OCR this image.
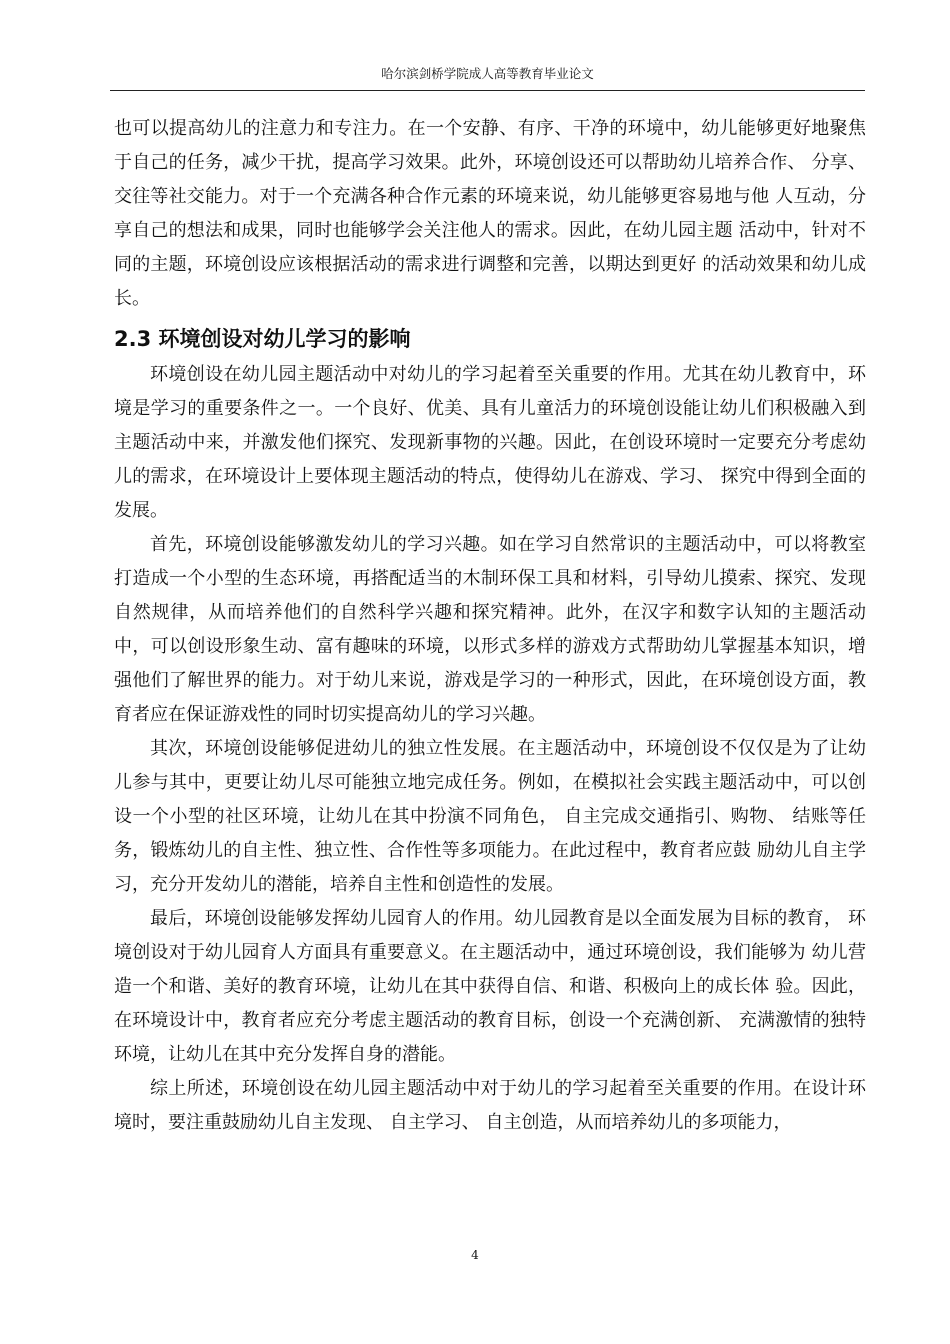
哈尔滨剑桥学院成人高等教育毕业论文

也可以提高幼儿的注意力和专注力。在一个安静、有序、干净的环境中，幼儿能够更好地聚焦于自己的任务，减少干扰，提高学习效果。此外，环境创设还可以帮助幼儿培养合作、 分享、交往等社交能力。对于一个充满各种合作元素的环境来说，幼儿能够更容易地与他 人互动，分享自己的想法和成果，同时也能够学会关注他人的需求。因此，在幼儿园主题 活动中，针对不同的主题，环境创设应该根据活动的需求进行调整和完善，以期达到更好 的活动效果和幼儿成长。

2.3 环境创设对幼儿学习的影响

环境创设在幼儿园主题活动中对幼儿的学习起着至关重要的作用。尤其在幼儿教育中，环境是学习的重要条件之一。一个良好、优美、具有儿童活力的环境创设能让幼儿们积极融入到主题活动中来，并激发他们探究、发现新事物的兴趣。因此，在创设环境时一定要充分考虑幼儿的需求，在环境设计上要体现主题活动的特点，使得幼儿在游戏、学习、 探究中得到全面的发展。

首先，环境创设能够激发幼儿的学习兴趣。如在学习自然常识的主题活动中，可以将教室打造成一个小型的生态环境，再搭配适当的木制环保工具和材料，引导幼儿摸索、探究、发现自然规律，从而培养他们的自然科学兴趣和探究精神。此外，在汉字和数字认知的主题活动中，可以创设形象生动、富有趣味的环境，以形式多样的游戏方式帮助幼儿掌握基本知识，增强他们了解世界的能力。对于幼儿来说，游戏是学习的一种形式，因此，在环境创设方面，教育者应在保证游戏性的同时切实提高幼儿的学习兴趣。

其次，环境创设能够促进幼儿的独立性发展。在主题活动中，环境创设不仅仅是为了让幼儿参与其中，更要让幼儿尽可能独立地完成任务。例如，在模拟社会实践主题活动中，可以创设一个小型的社区环境，让幼儿在其中扮演不同角色， 自主完成交通指引、购物、 结账等任务，锻炼幼儿的自主性、独立性、合作性等多项能力。在此过程中，教育者应鼓 励幼儿自主学习，充分开发幼儿的潜能，培养自主性和创造性的发展。

最后，环境创设能够发挥幼儿园育人的作用。幼儿园教育是以全面发展为目标的教育， 环境创设对于幼儿园育人方面具有重要意义。在主题活动中，通过环境创设，我们能够为 幼儿营造一个和谐、美好的教育环境，让幼儿在其中获得自信、和谐、积极向上的成长体 验。因此，在环境设计中，教育者应充分考虑主题活动的教育目标，创设一个充满创新、 充满激情的独特环境，让幼儿在其中充分发挥自身的潜能。

综上所述，环境创设在幼儿园主题活动中对于幼儿的学习起着至关重要的作用。在设计环境时，要注重鼓励幼儿自主发现、 自主学习、 自主创造，从而培养幼儿的多项能力，

4
